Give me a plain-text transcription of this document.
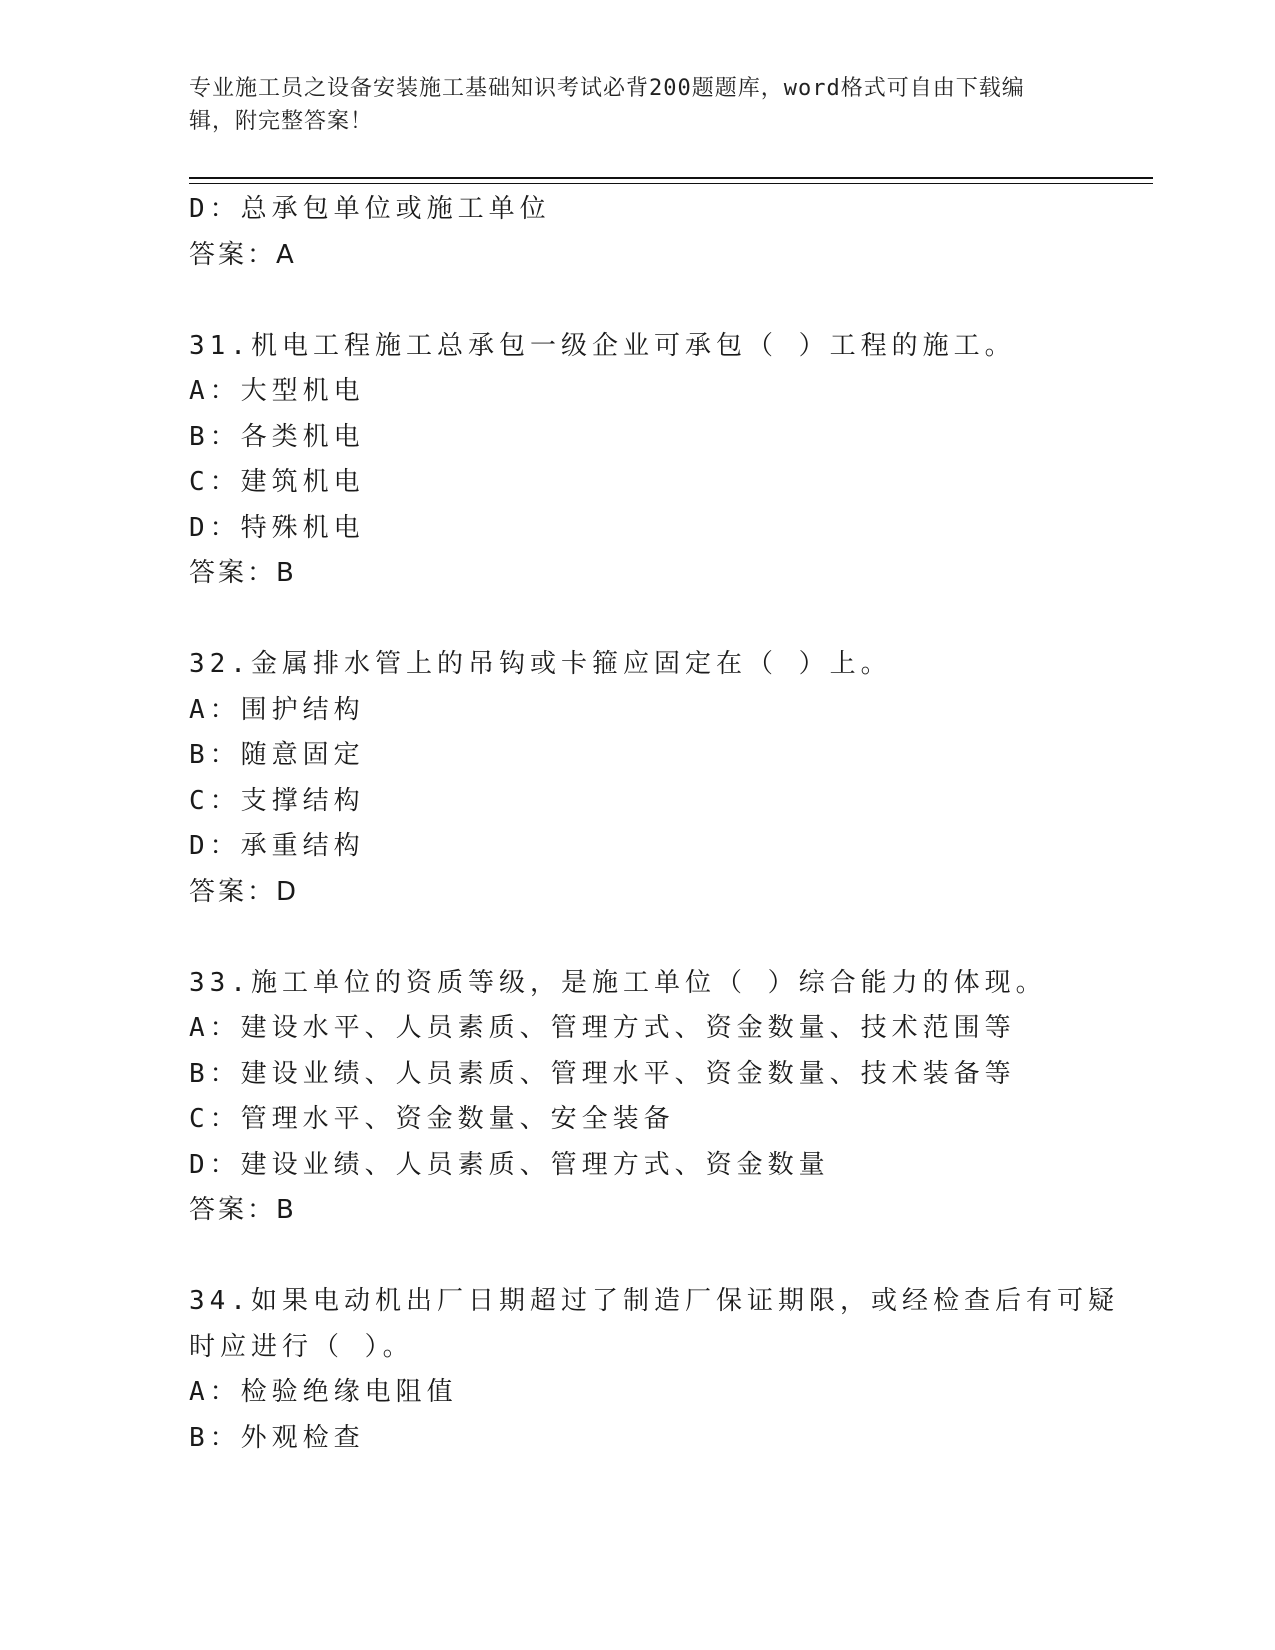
专业施工员之设备安装施工基础知识考试必背200题题库，word格式可自由下载编辑，附完整答案！
D：总承包单位或施工单位
答案：A
31.机电工程施工总承包一级企业可承包（ ）工程的施工。
A：大型机电
B：各类机电
C：建筑机电
D：特殊机电
答案：B
32.金属排水管上的吊钩或卡箍应固定在（ ）上。
A：围护结构
B：随意固定
C：支撑结构
D：承重结构
答案：D
33.施工单位的资质等级，是施工单位（ ）综合能力的体现。
A：建设水平、人员素质、管理方式、资金数量、技术范围等
B：建设业绩、人员素质、管理水平、资金数量、技术装备等
C：管理水平、资金数量、安全装备
D：建设业绩、人员素质、管理方式、资金数量
答案：B
34.如果电动机出厂日期超过了制造厂保证期限，或经检查后有可疑时应进行（ ）。
A：检验绝缘电阻值
B：外观检查
